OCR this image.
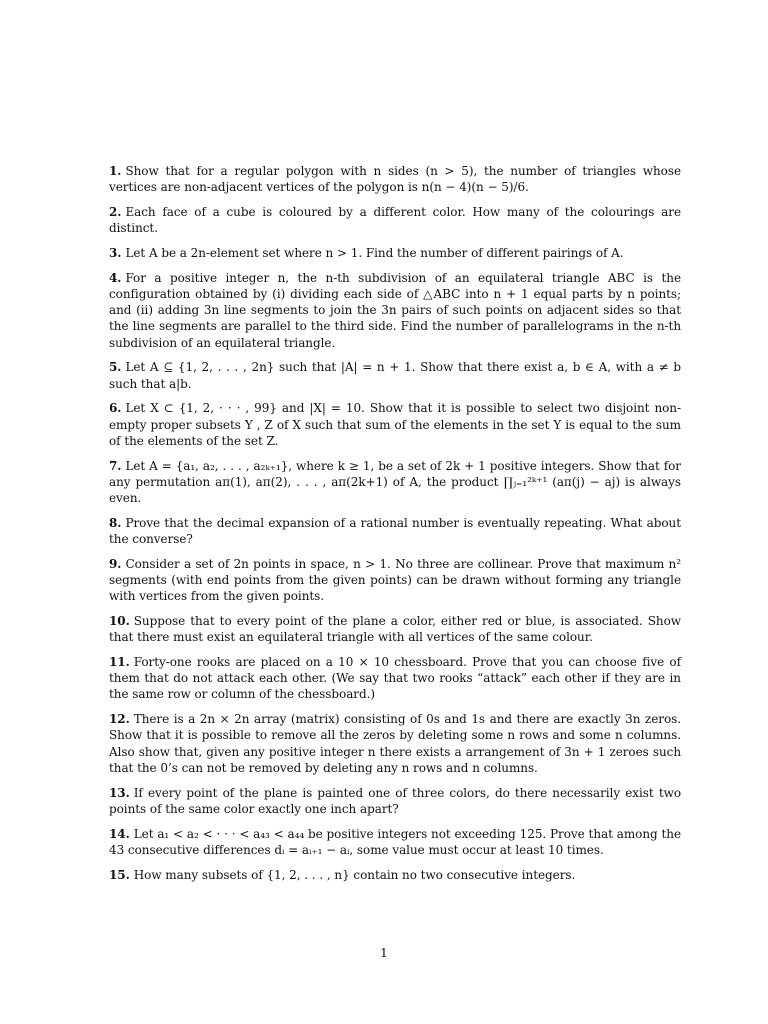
1. Show that for a regular polygon with n sides (n > 5), the number of triangles whose vertices are non-adjacent vertices of the polygon is n(n − 4)(n − 5)/6.

2. Each face of a cube is coloured by a different color. How many of the colourings are distinct.

3. Let A be a 2n-element set where n > 1. Find the number of different pairings of A.

4. For a positive integer n, the n-th subdivision of an equilateral triangle ABC is the configuration obtained by (i) dividing each side of △ABC into n + 1 equal parts by n points; and (ii) adding 3n line segments to join the 3n pairs of such points on adjacent sides so that the line segments are parallel to the third side. Find the number of parallelograms in the n-th subdivision of an equilateral triangle.

5. Let A ⊆ {1, 2, . . . , 2n} such that |A| = n + 1. Show that there exist a, b ∈ A, with a ≠ b such that a|b.

6. Let X ⊂ {1, 2, · · · , 99} and |X| = 10. Show that it is possible to select two disjoint non-empty proper subsets Y , Z of X such that sum of the elements in the set Y is equal to the sum of the elements of the set Z.

7. Let A = {a₁, a₂, . . . , a₂ₖ₊₁}, where k ≥ 1, be a set of 2k + 1 positive integers. Show that for any permutation aπ(1), aπ(2), . . . , aπ(2k+1) of A, the product ∏ⱼ₌₁²ᵏ⁺¹ (aπ(j) − aj) is always even.

8. Prove that the decimal expansion of a rational number is eventually repeating. What about the converse?

9. Consider a set of 2n points in space, n > 1. No three are collinear. Prove that maximum n² segments (with end points from the given points) can be drawn without forming any triangle with vertices from the given points.

10. Suppose that to every point of the plane a color, either red or blue, is associated. Show that there must exist an equilateral triangle with all vertices of the same colour.

11. Forty-one rooks are placed on a 10 × 10 chessboard. Prove that you can choose five of them that do not attack each other. (We say that two rooks “attack” each other if they are in the same row or column of the chessboard.)

12. There is a 2n × 2n array (matrix) consisting of 0s and 1s and there are exactly 3n zeros. Show that it is possible to remove all the zeros by deleting some n rows and some n columns. Also show that, given any positive integer n there exists a arrangement of 3n + 1 zeroes such that the 0’s can not be removed by deleting any n rows and n columns.

13. If every point of the plane is painted one of three colors, do there necessarily exist two points of the same color exactly one inch apart?

14. Let a₁ < a₂ < · · · < a₄₃ < a₄₄ be positive integers not exceeding 125. Prove that among the 43 consecutive differences dᵢ = aᵢ₊₁ − aᵢ, some value must occur at least 10 times.

15. How many subsets of {1, 2, . . . , n} contain no two consecutive integers.

1
